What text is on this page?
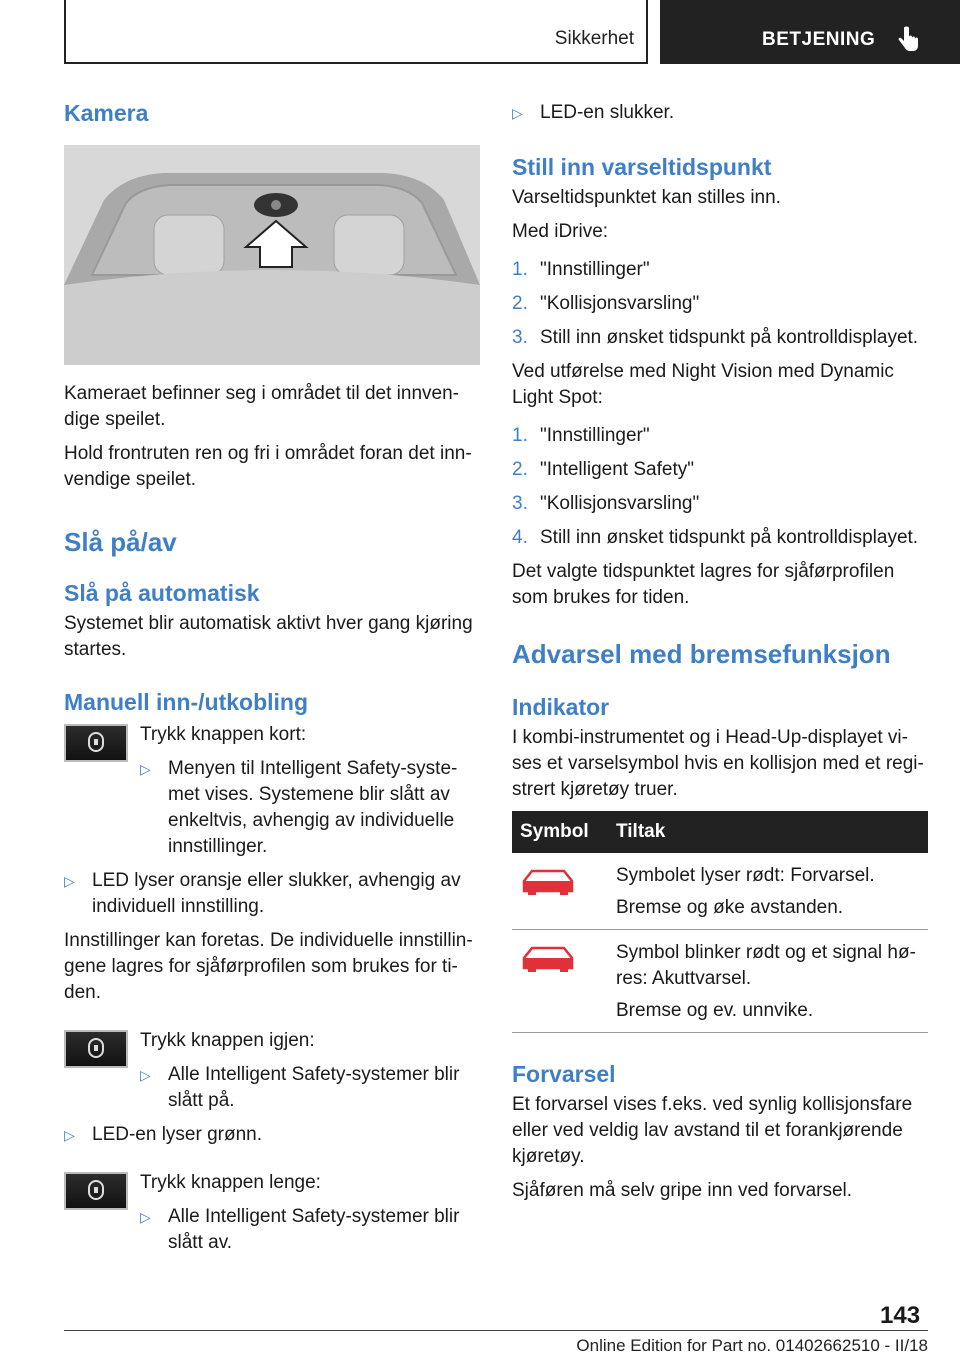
Sikkerhet	BETJENING
Kamera

Kameraet befinner seg i området til det innven-dige speilet.

Hold frontruten ren og fri i området foran det inn-vendige speilet.

Slå på/av
Slå på automatisk

Systemet blir automatisk aktivt hver gang kjøring startes.

Manuell inn-/utkobling

Trykk knappen kort:

▷ Menyen til Intelligent Safety-syste-met vises. Systemene blir slått av enkeltvis, avhengig av individuelle innstillinger.
▷ LED lyser oransje eller slukker, avhengig av individuell innstilling.

Innstillinger kan foretas. De individuelle innstillin-gene lagres for sjåførprofilen som brukes for ti-den.

Trykk knappen igjen:

▷ Alle Intelligent Safety-systemer blir slått på.
▷ LED-en lyser grønn.

Trykk knappen lenge:

▷ Alle Intelligent Safety-systemer blir slått av.
▷ LED-en slukker.
Still inn varseltidspunkt

Varseltidspunktet kan stilles inn.

Med iDrive:

1. "Innstillinger"
2. "Kollisjonsvarsling"
3. Still inn ønsket tidspunkt på kontrolldisplayet.

Ved utførelse med Night Vision med Dynamic Light Spot:

1. "Innstillinger"
2. "Intelligent Safety"
3. "Kollisjonsvarsling"
4. Still inn ønsket tidspunkt på kontrolldisplayet.

Det valgte tidspunktet lagres for sjåførprofilen som brukes for tiden.

Advarsel med bremsefunksjon
Indikator

I kombi-instrumentet og i Head-Up-displayet vi-ses et varselsymbol hvis en kollisjon med et regi-strert kjøretøy truer.

Symbol	Tiltak

Symbolet lyser rødt: Forvarsel.
Bremse og øke avstanden.

Symbol blinker rødt og et signal hø-res: Akuttvarsel.
Bremse og ev. unnvike.
Forvarsel

Et forvarsel vises f.eks. ved synlig kollisjonsfare eller ved veldig lav avstand til et forankjørende kjøretøy.

Sjåføren må selv gripe inn ved forvarsel.

143
Online Edition for Part no. 01402662510 - II/18
